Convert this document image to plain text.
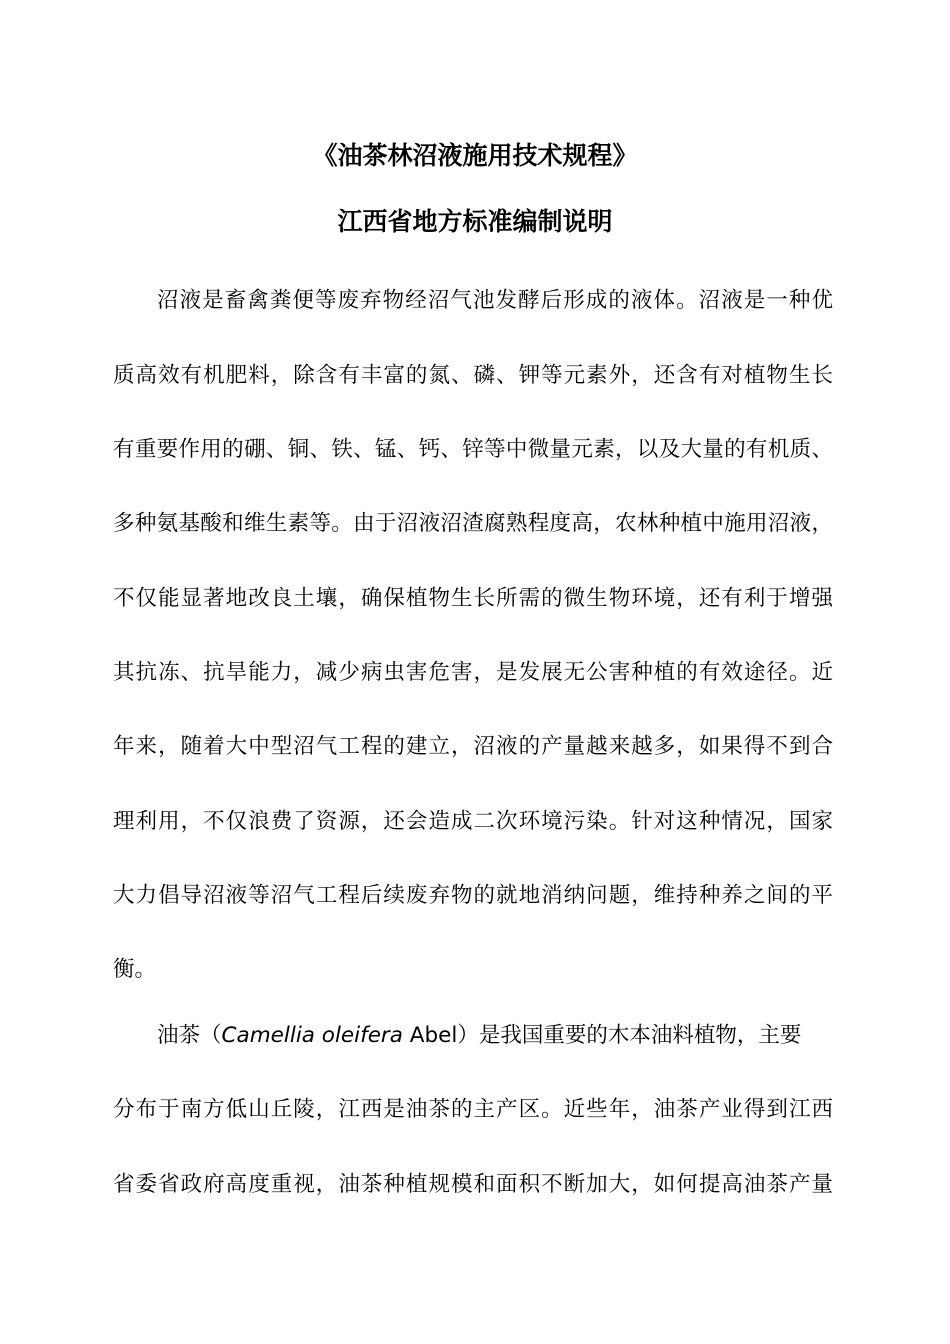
《油茶林沼液施用技术规程》
江西省地方标准编制说明
沼液是畜禽粪便等废弃物经沼气池发酵后形成的液体。沼液是一种优
质高效有机肥料，除含有丰富的氮、磷、钾等元素外，还含有对植物生长
有重要作用的硼、铜、铁、锰、钙、锌等中微量元素，以及大量的有机质、
多种氨基酸和维生素等。由于沼液沼渣腐熟程度高，农林种植中施用沼液，
不仅能显著地改良土壤，确保植物生长所需的微生物环境，还有利于增强
其抗冻、抗旱能力，减少病虫害危害，是发展无公害种植的有效途径。近
年来，随着大中型沼气工程的建立，沼液的产量越来越多，如果得不到合
理利用，不仅浪费了资源，还会造成二次环境污染。针对这种情况，国家
大力倡导沼液等沼气工程后续废弃物的就地消纳问题，维持种养之间的平
衡。
油茶（Camellia oleifera Abel）是我国重要的木本油料植物，主要
分布于南方低山丘陵，江西是油茶的主产区。近些年，油茶产业得到江西
省委省政府高度重视，油茶种植规模和面积不断加大，如何提高油茶产量
